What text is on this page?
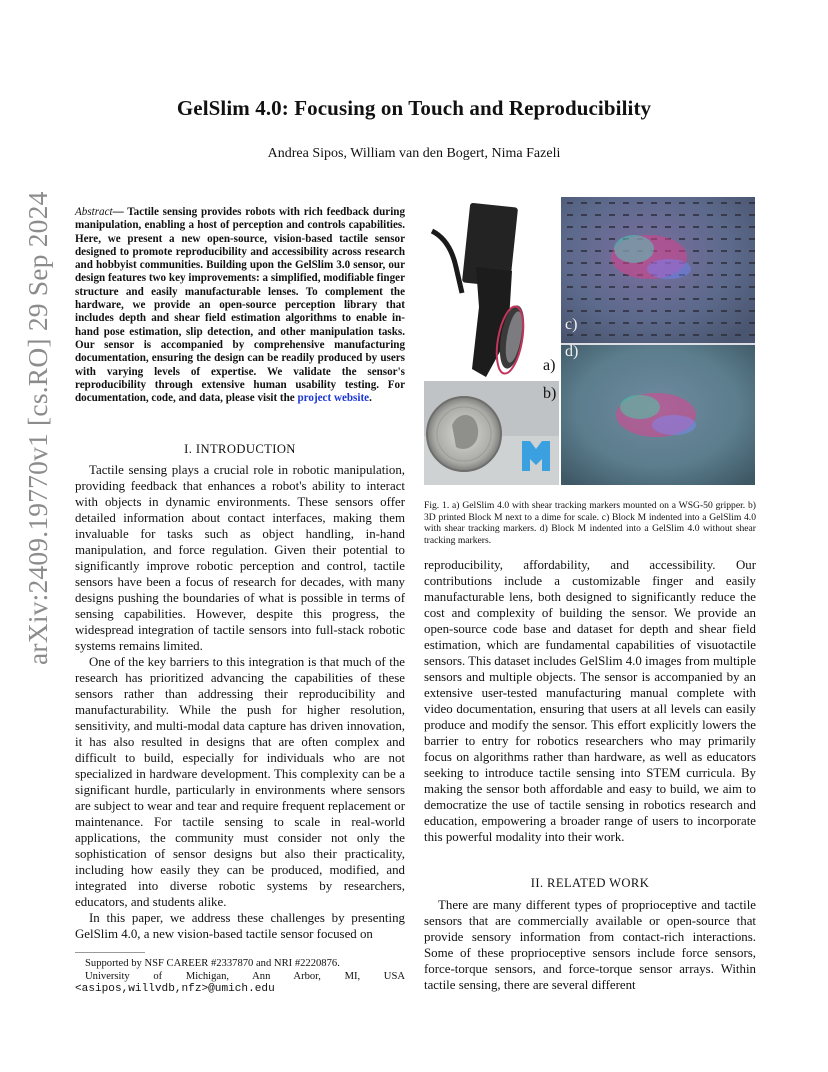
GelSlim 4.0: Focusing on Touch and Reproducibility
Andrea Sipos, William van den Bogert, Nima Fazeli
arXiv:2409.19770v1 [cs.RO] 29 Sep 2024 Abstract— Tactile sensing provides robots with rich feedback during manipulation, enabling a host of perception and controls capabilities. Here, we present a new open-source, vision-based tactile sensor designed to promote reproducibility and accessibility across research and hobbyist communities. Building upon the GelSlim 3.0 sensor, our design features two key improvements: a simplified, modifiable finger structure and easily manufacturable lenses. To complement the hardware, we provide an open-source perception library that includes depth and shear field estimation algorithms to enable in-hand pose estimation, slip detection, and other manipulation tasks. Our sensor is accompanied by comprehensive manufacturing documentation, ensuring the design can be readily produced by users with varying levels of expertise. We validate the sensor's reproducibility through extensive human usability testing. For documentation, code, and data, please visit the project website.
I. INTRODUCTION

Tactile sensing plays a crucial role in robotic manipulation, providing feedback that enhances a robot's ability to interact with objects in dynamic environments. These sensors offer detailed information about contact interfaces, making them invaluable for tasks such as object handling, in-hand manipulation, and force regulation. Given their potential to significantly improve robotic perception and control, tactile sensors have been a focus of research for decades, with many designs pushing the boundaries of what is possible in terms of sensing capabilities. However, despite this progress, the widespread integration of tactile sensors into full-stack robotic systems remains limited.

One of the key barriers to this integration is that much of the research has prioritized advancing the capabilities of these sensors rather than addressing their reproducibility and manufacturability. While the push for higher resolution, sensitivity, and multi-modal data capture has driven innovation, it has also resulted in designs that are often complex and difficult to build, especially for individuals who are not specialized in hardware development. This complexity can be a significant hurdle, particularly in environments where sensors are subject to wear and tear and require frequent replacement or maintenance. For tactile sensing to scale in real-world applications, the community must consider not only the sophistication of sensor designs but also their practicality, including how easily they can be produced, modified, and integrated into diverse robotic systems by researchers, educators, and students alike.

In this paper, we address these challenges by presenting GelSlim 4.0, a new vision-based tactile sensor focused on

Supported by NSF CAREER #2337870 and NRI #2220876.
University of Michigan, Ann Arbor, MI, USA
<asipos,willvdb,nfz>@umich.edu
a)
b)
c)
d)
Fig. 1. a) GelSlim 4.0 with shear tracking markers mounted on a WSG-50 gripper. b) 3D printed Block M next to a dime for scale. c) Block M indented into a GelSlim 4.0 with shear tracking markers. d) Block M indented into a GelSlim 4.0 without shear tracking markers.

reproducibility, affordability, and accessibility. Our contributions include a customizable finger and easily manufacturable lens, both designed to significantly reduce the cost and complexity of building the sensor. We provide an open-source code base and dataset for depth and shear field estimation, which are fundamental capabilities of visuotactile sensors. This dataset includes GelSlim 4.0 images from multiple sensors and multiple objects. The sensor is accompanied by an extensive user-tested manufacturing manual complete with video documentation, ensuring that users at all levels can easily produce and modify the sensor. This effort explicitly lowers the barrier to entry for robotics researchers who may primarily focus on algorithms rather than hardware, as well as educators seeking to introduce tactile sensing into STEM curricula. By making the sensor both affordable and easy to build, we aim to democratize the use of tactile sensing in robotics research and education, empowering a broader range of users to incorporate this powerful modality into their work.

II. RELATED WORK

There are many different types of proprioceptive and tactile sensors that are commercially available or open-source that provide sensory information from contact-rich interactions. Some of these proprioceptive sensors include force sensors, force-torque sensors, and force-torque sensor arrays. Within tactile sensing, there are several different
